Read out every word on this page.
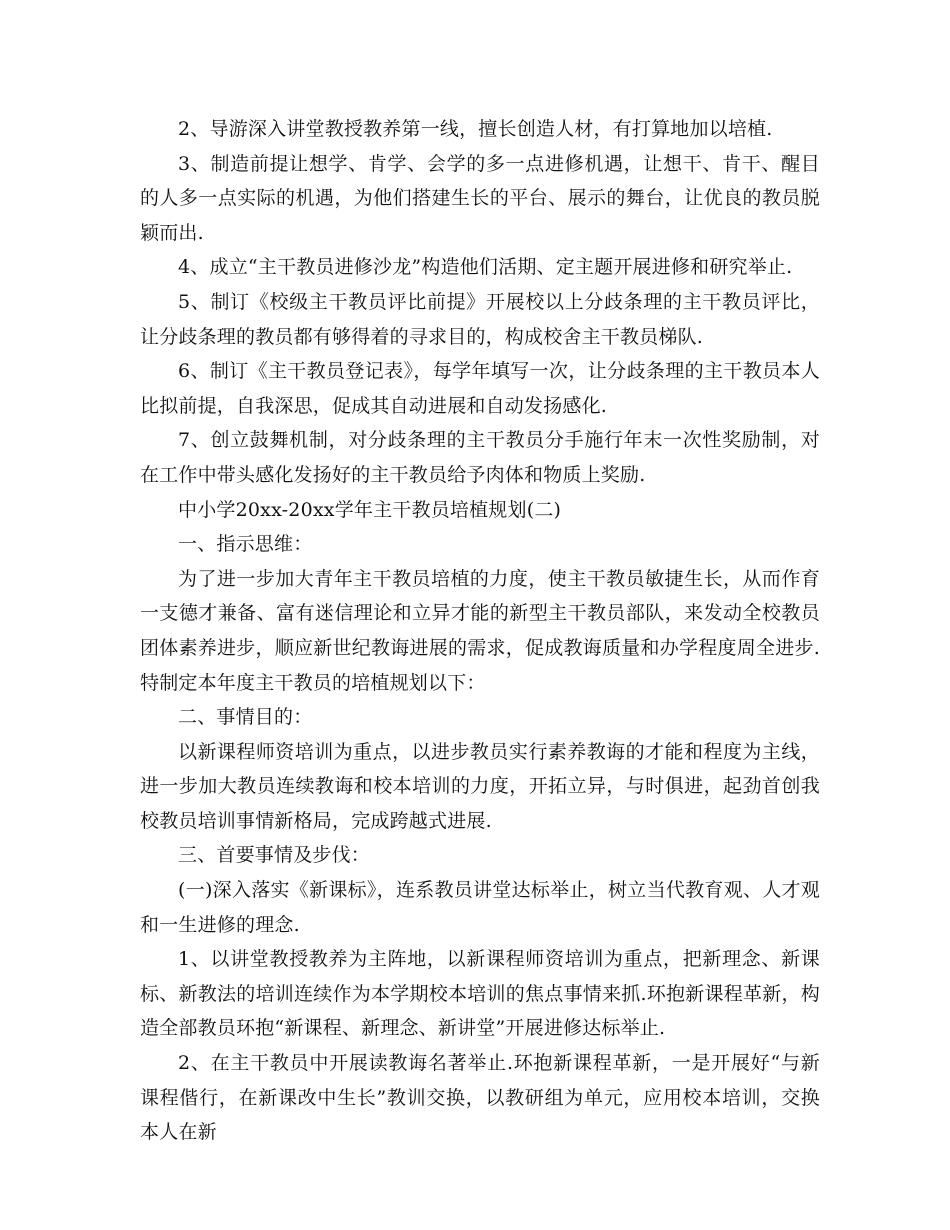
2、导游深入讲堂教授教养第一线，擅长创造人材，有打算地加以培植.

3、制造前提让想学、肯学、会学的多一点进修机遇，让想干、肯干、醒目的人多一点实际的机遇，为他们搭建生长的平台、展示的舞台，让优良的教员脱颖而出.

4、成立“主干教员进修沙龙”构造他们活期、定主题开展进修和研究举止.

5、制订《校级主干教员评比前提》开展校以上分歧条理的主干教员评比，让分歧条理的教员都有够得着的寻求目的，构成校舍主干教员梯队.

6、制订《主干教员登记表》，每学年填写一次，让分歧条理的主干教员本人比拟前提，自我深思，促成其自动进展和自动发扬感化.

7、创立鼓舞机制，对分歧条理的主干教员分手施行年末一次性奖励制，对在工作中带头感化发扬好的主干教员给予肉体和物质上奖励.

中小学20xx-20xx学年主干教员培植规划(二)

一、指示思维：

为了进一步加大青年主干教员培植的力度，使主干教员敏捷生长，从而作育一支德才兼备、富有迷信理论和立异才能的新型主干教员部队，来发动全校教员团体素养进步，顺应新世纪教诲进展的需求，促成教诲质量和办学程度周全进步.特制定本年度主干教员的培植规划以下：

二、事情目的：

以新课程师资培训为重点，以进步教员实行素养教诲的才能和程度为主线，进一步加大教员连续教诲和校本培训的力度，开拓立异，与时俱进，起劲首创我校教员培训事情新格局，完成跨越式进展.

三、首要事情及步伐：

(一)深入落实《新课标》，连系教员讲堂达标举止，树立当代教育观、人才观和一生进修的理念.

1、以讲堂教授教养为主阵地，以新课程师资培训为重点，把新理念、新课标、新教法的培训连续作为本学期校本培训的焦点事情来抓.环抱新课程革新，构造全部教员环抱“新课程、新理念、新讲堂”开展进修达标举止.

2、在主干教员中开展读教诲名著举止.环抱新课程革新，一是开展好“与新课程偕行，在新课改中生长”教训交换，以教研组为单元，应用校本培训，交换本人在新
